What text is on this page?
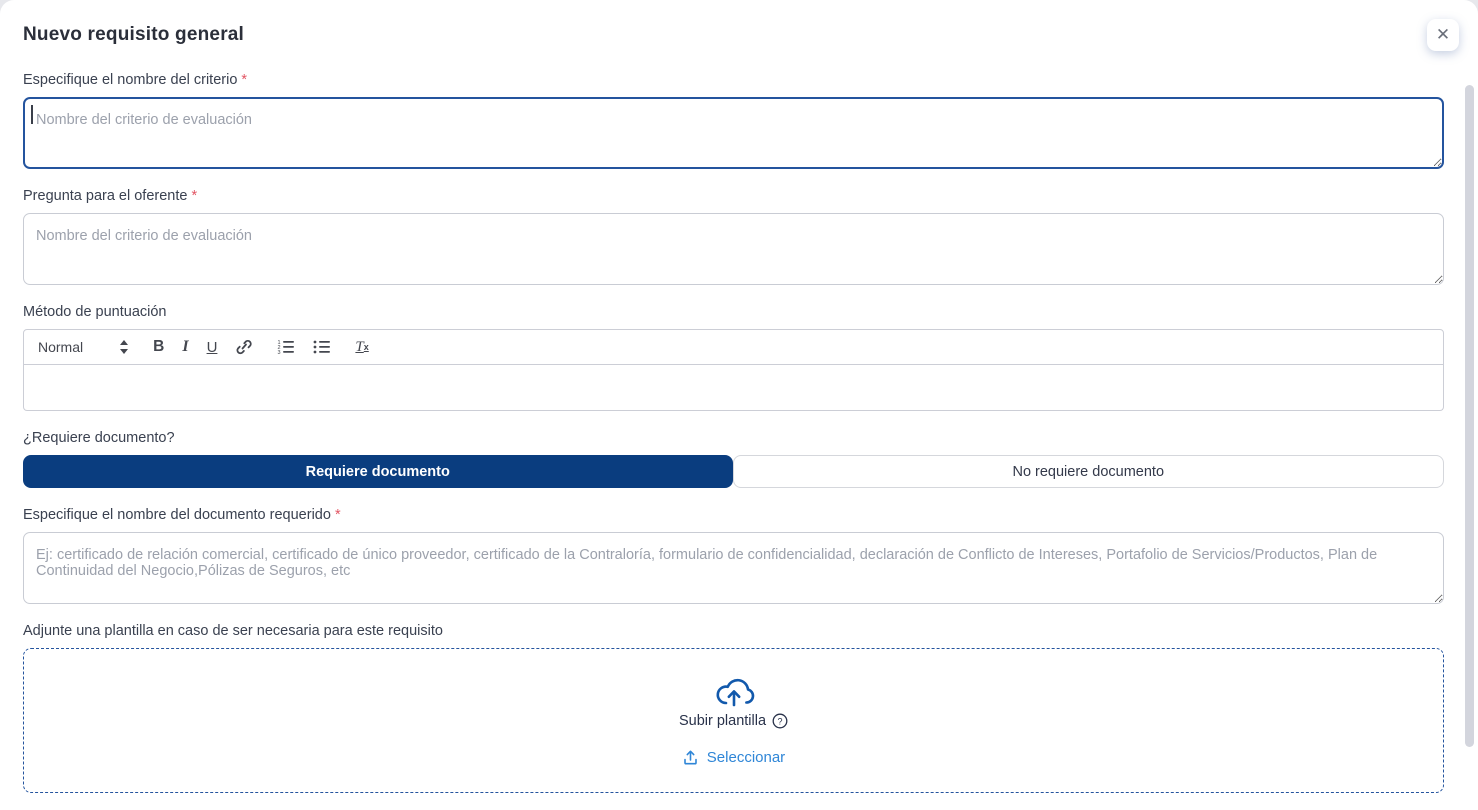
✕
Nuevo requisito general
Especifique el nombre del criterio *
Nombre del criterio de evaluación
Pregunta para el oferente *
Nombre del criterio de evaluación
Método de puntuación
Normal	B I U	1
2
3	T x
¿Requiere documento?
Requiere documento	No requiere documento
Especifique el nombre del documento requerido *
Ej: certificado de relación comercial, certificado de único proveedor, certificado de la Contraloría, formulario de confidencialidad, declaración de Conflicto de Intereses, Portafolio de Servicios/Productos, Plan de Continuidad del Negocio,Pólizas de Seguros, etc
Adjunte una plantilla en caso de ser necesaria para este requisito
Subir plantilla ?
Seleccionar
